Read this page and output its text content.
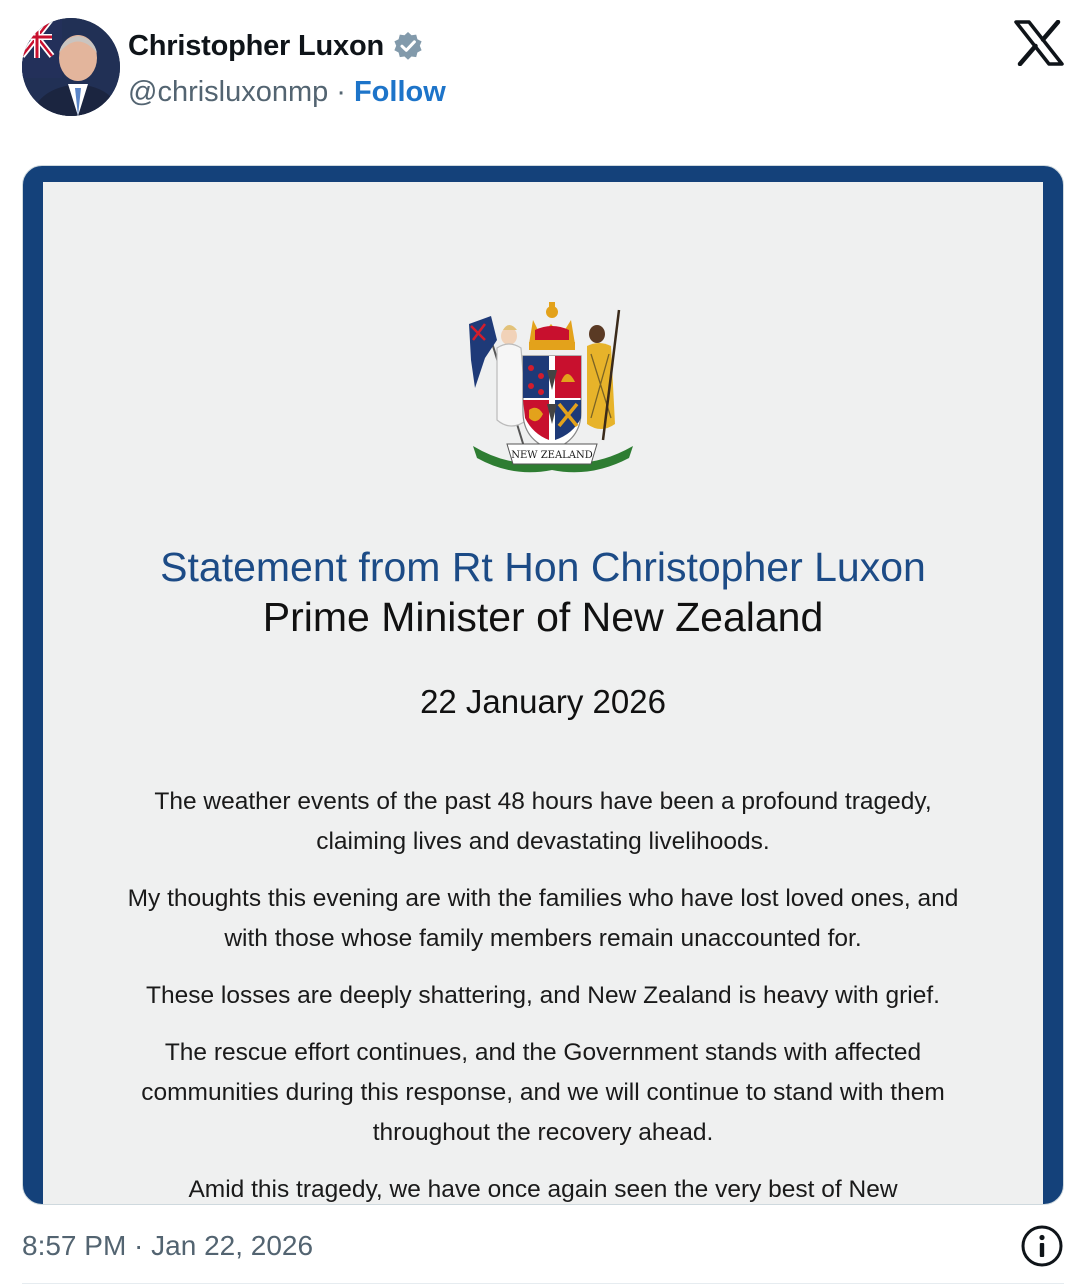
Christopher Luxon
@chrisluxonmp · Follow
NEW ZEALAND
Statement from Rt Hon Christopher Luxon
Prime Minister of New Zealand
22 January 2026

The weather events of the past 48 hours have been a profound tragedy, claiming lives and devastating livelihoods.

My thoughts this evening are with the families who have lost loved ones, and with those whose family members remain unaccounted for.

These losses are deeply shattering, and New Zealand is heavy with grief.

The rescue effort continues, and the Government stands with affected communities during this response, and we will continue to stand with them throughout the recovery ahead.

Amid this tragedy, we have once again seen the very best of New

8:57 PM · Jan 22, 2026
